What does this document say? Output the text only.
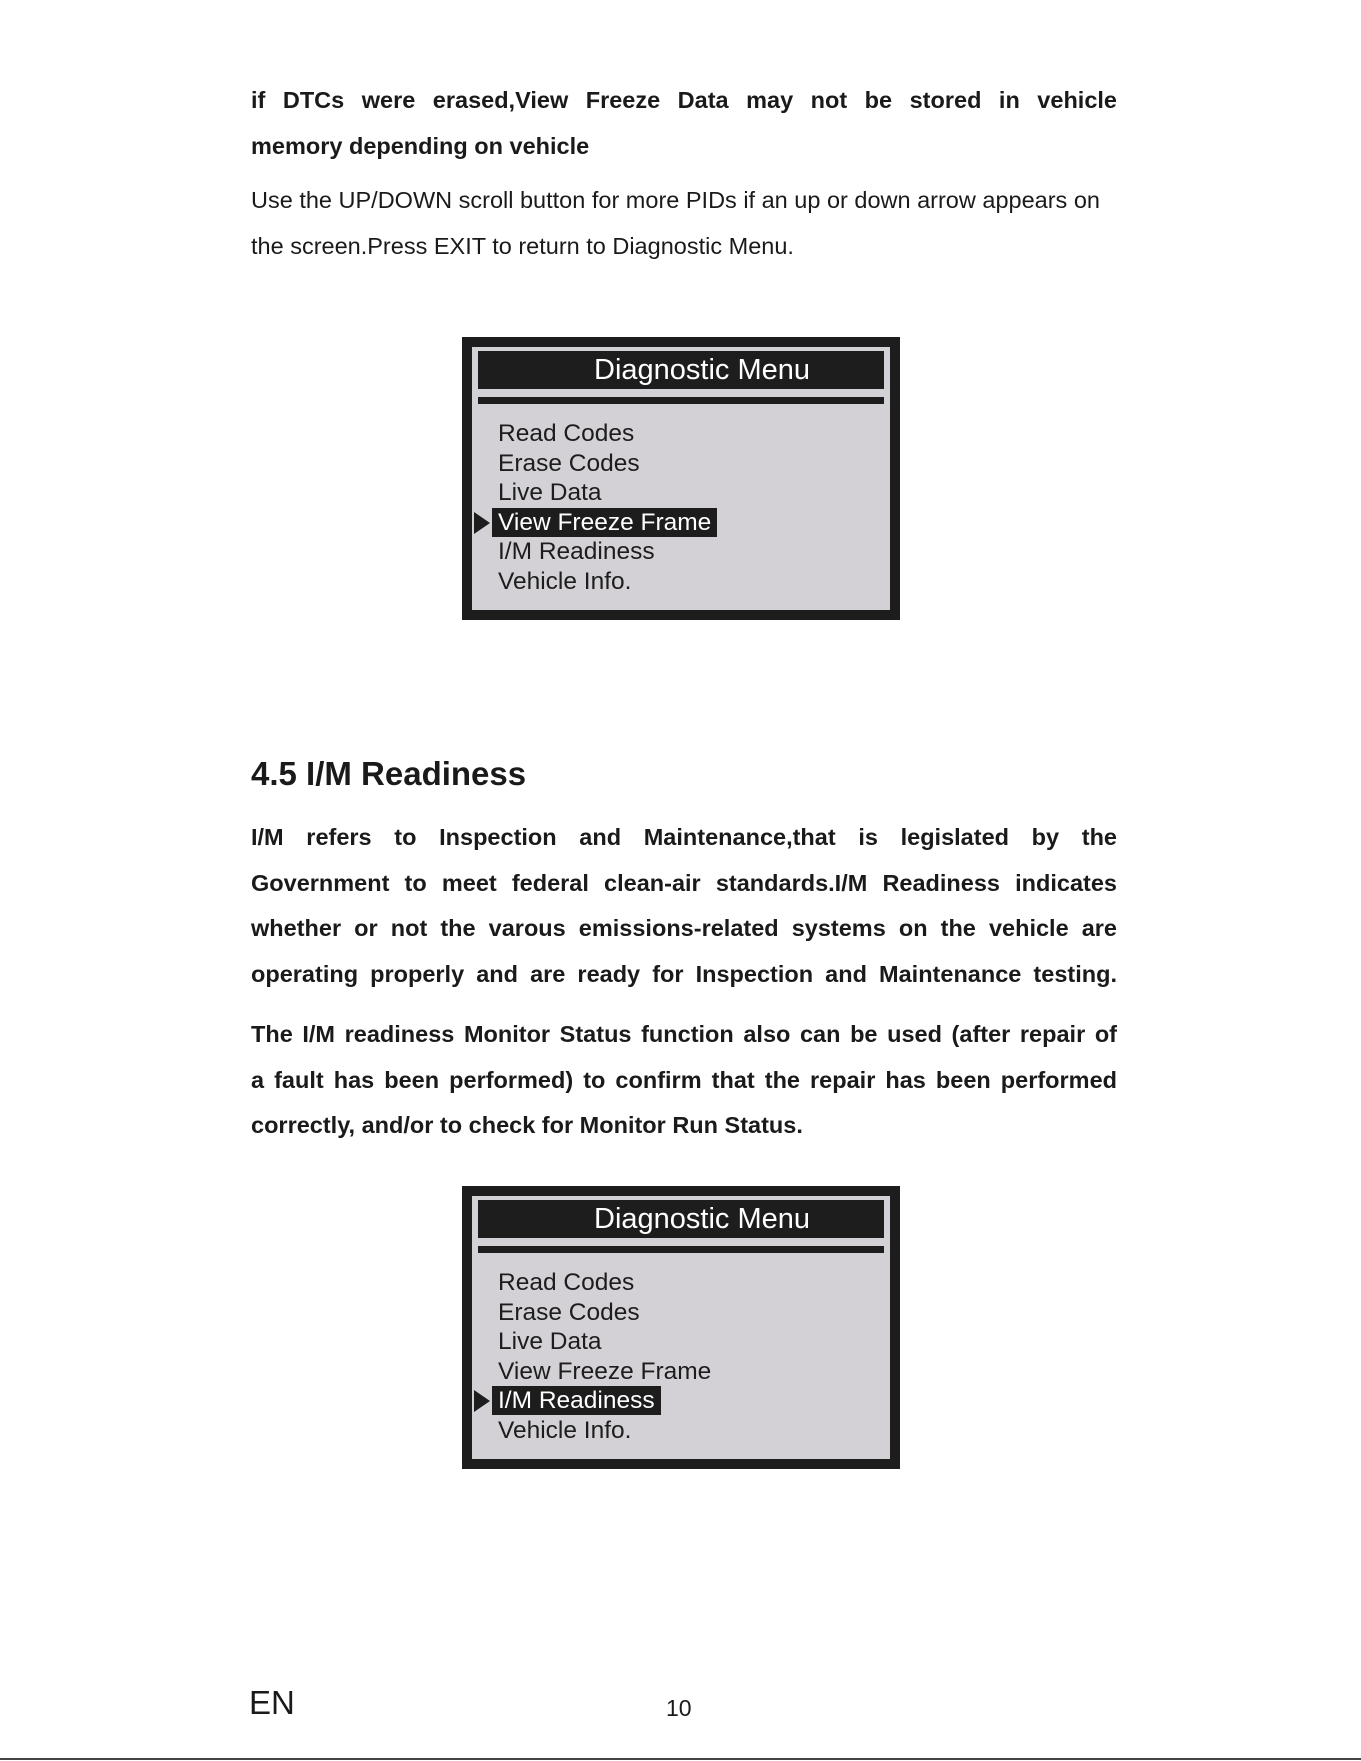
if DTCs were erased,View Freeze Data may not be stored in vehicle
memory depending on vehicle
Use the UP/DOWN scroll button for more PIDs if an up or down arrow appears on
the screen.Press EXIT to return to Diagnostic Menu.
Diagnostic Menu
Read Codes
Erase Codes
Live Data
View Freeze Frame
I/M Readiness
Vehicle Info.
4.5 I/M Readiness
I/M refers to Inspection and Maintenance,that is legislated by the
Government to meet federal clean-air standards.I/M Readiness indicates
whether or not the varous emissions-related systems on the vehicle are
operating properly and are ready for Inspection and Maintenance testing.
The I/M readiness Monitor Status function also can be used (after repair of
a fault has been performed) to confirm that the repair has been performed
correctly, and/or to check for Monitor Run Status.
Diagnostic Menu
Read Codes
Erase Codes
Live Data
View Freeze Frame
I/M Readiness
Vehicle Info.
EN	10
